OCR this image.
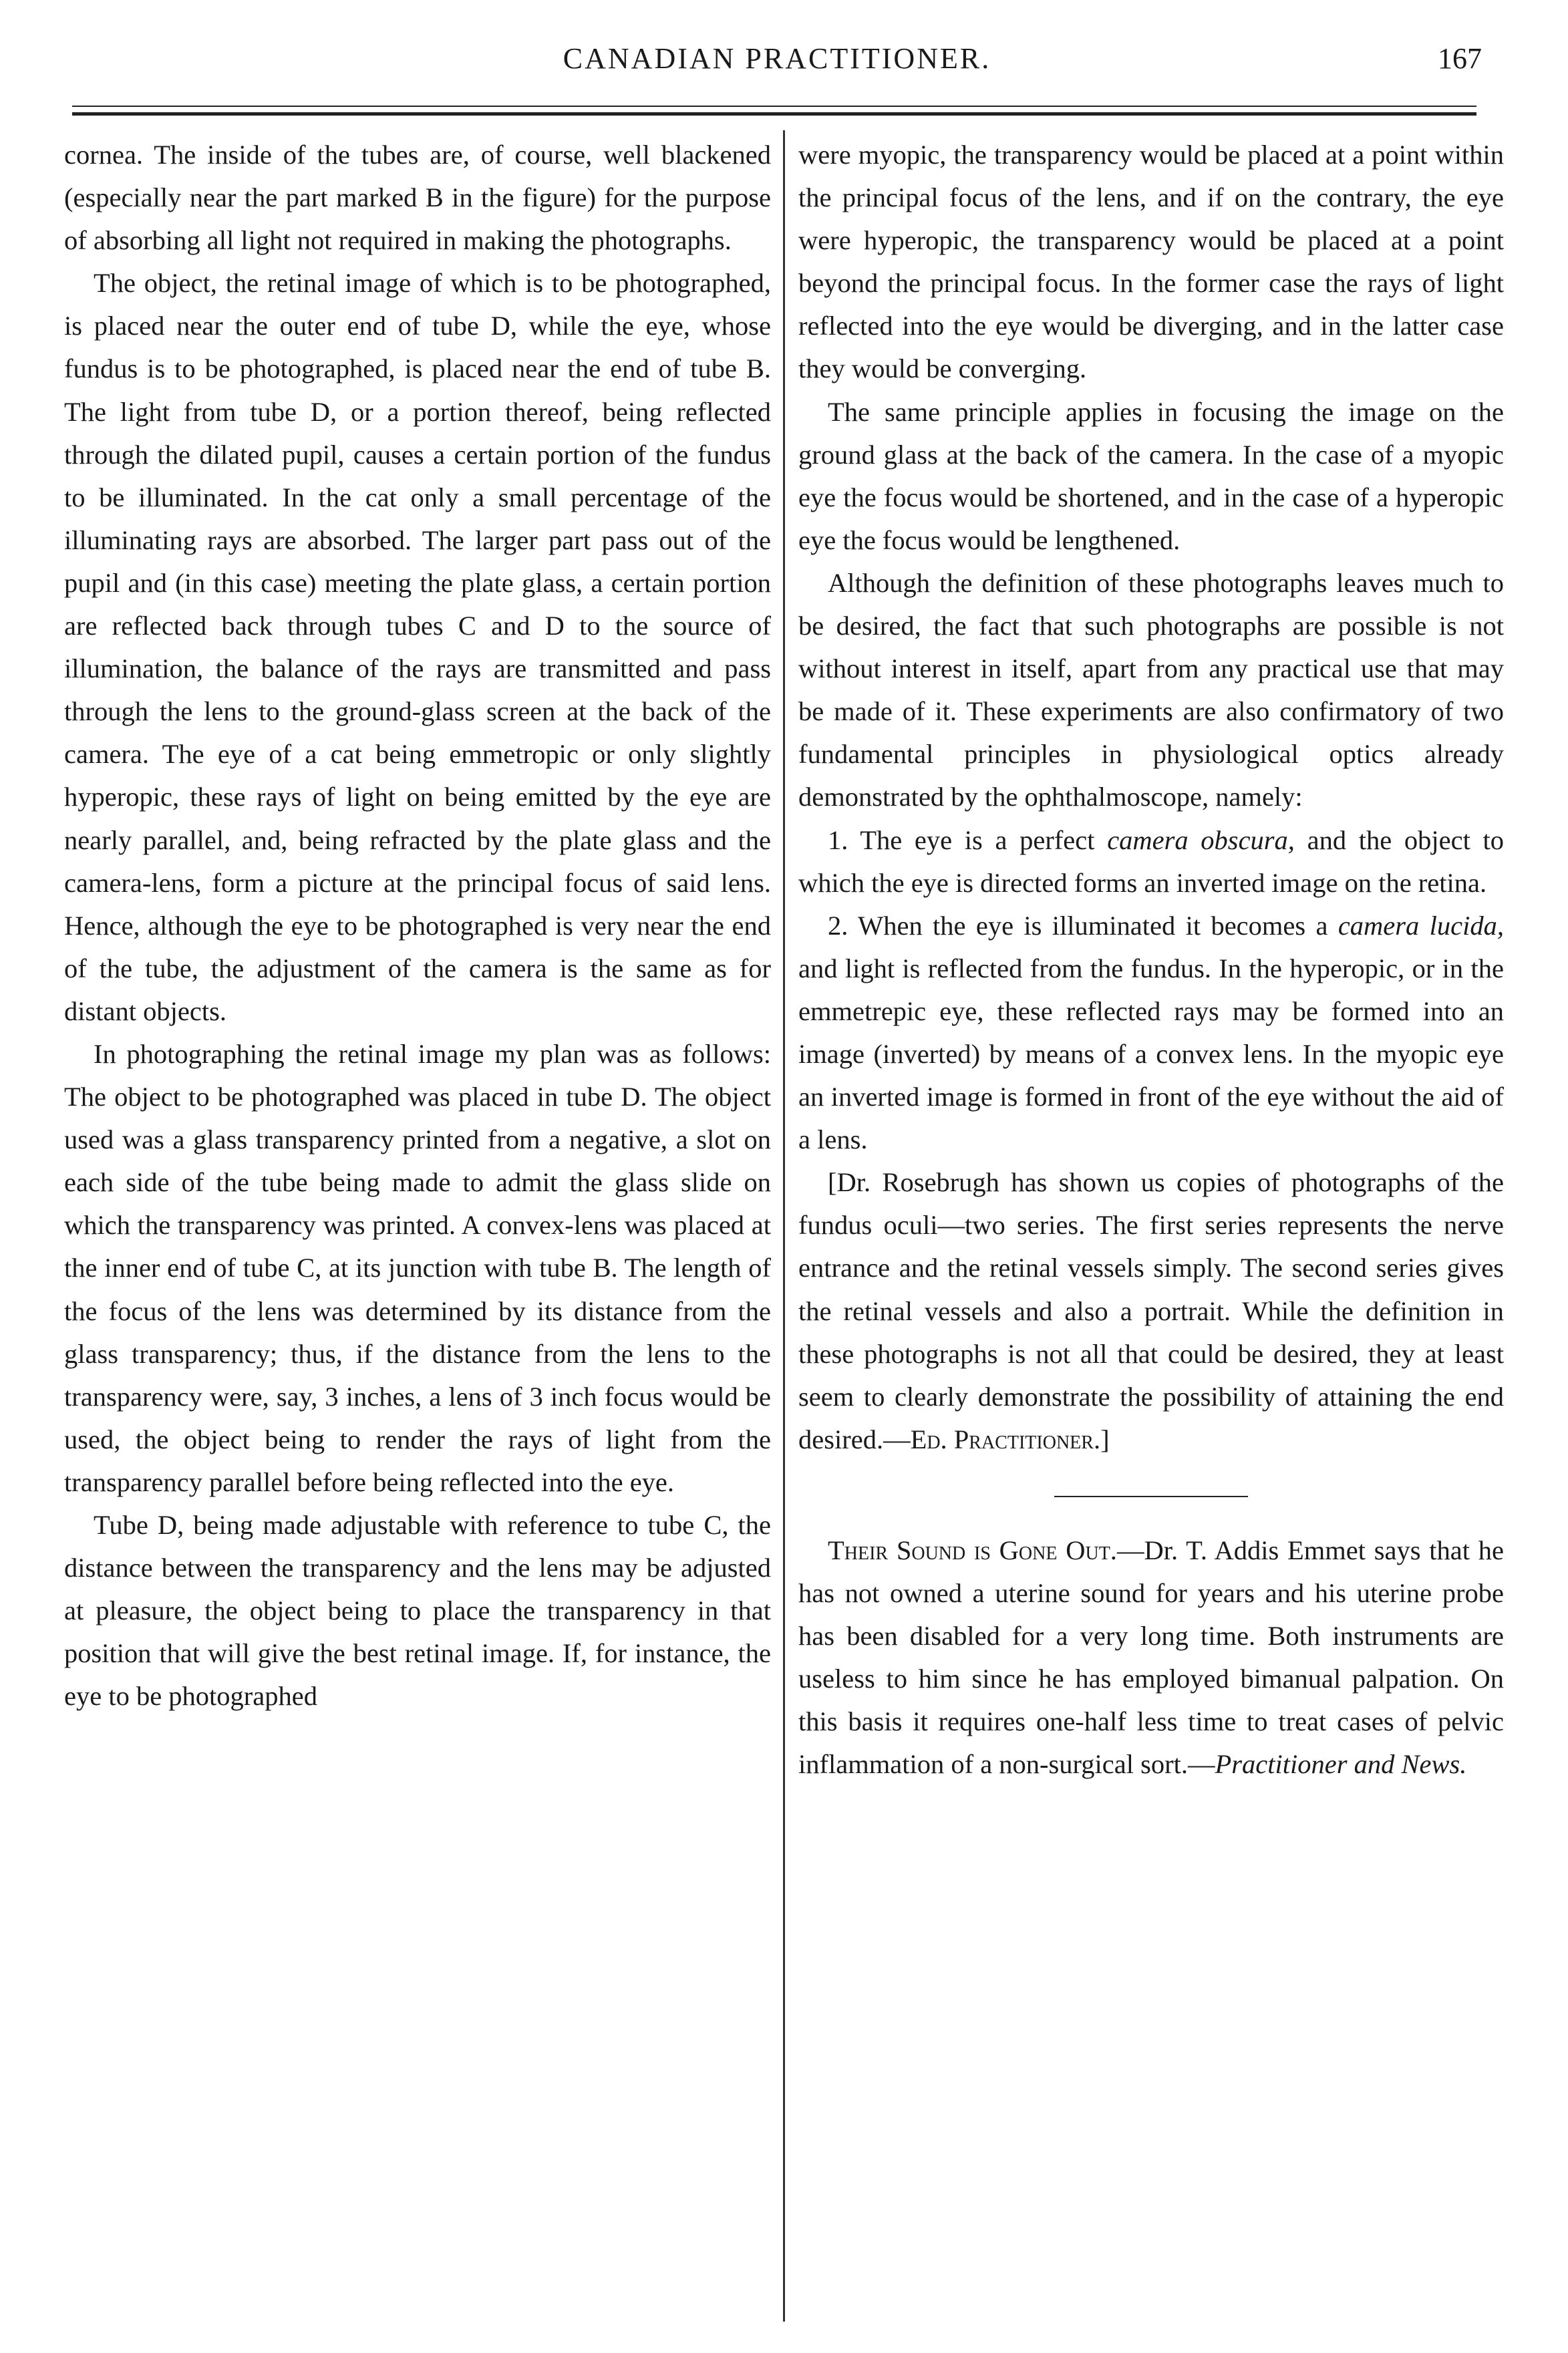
CANADIAN PRACTITIONER.	167

cornea. The inside of the tubes are, of course, well blackened (especially near the part marked B in the figure) for the purpose of absorbing all light not required in making the photographs.

The object, the retinal image of which is to be photographed, is placed near the outer end of tube D, while the eye, whose fundus is to be photographed, is placed near the end of tube B. The light from tube D, or a portion thereof, being reflected through the dilated pupil, causes a certain portion of the fundus to be illuminated. In the cat only a small percentage of the illuminating rays are absorbed. The larger part pass out of the pupil and (in this case) meeting the plate glass, a certain portion are reflected back through tubes C and D to the source of illumination, the balance of the rays are transmitted and pass through the lens to the ground-glass screen at the back of the camera. The eye of a cat being emmetropic or only slightly hyperopic, these rays of light on being emitted by the eye are nearly parallel, and, being refracted by the plate glass and the camera-lens, form a picture at the principal focus of said lens. Hence, although the eye to be photographed is very near the end of the tube, the adjustment of the camera is the same as for distant objects.

In photographing the retinal image my plan was as follows: The object to be photographed was placed in tube D. The object used was a glass transparency printed from a negative, a slot on each side of the tube being made to admit the glass slide on which the transparency was printed. A convex-lens was placed at the inner end of tube C, at its junction with tube B. The length of the focus of the lens was determined by its distance from the glass transparency; thus, if the distance from the lens to the transparency were, say, 3 inches, a lens of 3 inch focus would be used, the object being to render the rays of light from the transparency parallel before being reflected into the eye.

Tube D, being made adjustable with reference to tube C, the distance between the transparency and the lens may be adjusted at pleasure, the object being to place the transparency in that position that will give the best retinal image. If, for instance, the eye to be photographed

were myopic, the transparency would be placed at a point within the principal focus of the lens, and if on the contrary, the eye were hyperopic, the transparency would be placed at a point beyond the principal focus. In the former case the rays of light reflected into the eye would be diverging, and in the latter case they would be converging.

The same principle applies in focusing the image on the ground glass at the back of the camera. In the case of a myopic eye the focus would be shortened, and in the case of a hyperopic eye the focus would be lengthened.

Although the definition of these photographs leaves much to be desired, the fact that such photographs are possible is not without interest in itself, apart from any practical use that may be made of it. These experiments are also confirmatory of two fundamental principles in physiological optics already demonstrated by the ophthalmoscope, namely:

1. The eye is a perfect camera obscura, and the object to which the eye is directed forms an inverted image on the retina.

2. When the eye is illuminated it becomes a camera lucida, and light is reflected from the fundus. In the hyperopic, or in the emmetrepic eye, these reflected rays may be formed into an image (inverted) by means of a convex lens. In the myopic eye an inverted image is formed in front of the eye without the aid of a lens.

[Dr. Rosebrugh has shown us copies of photographs of the fundus oculi—two series. The first series represents the nerve entrance and the retinal vessels simply. The second series gives the retinal vessels and also a portrait. While the definition in these photographs is not all that could be desired, they at least seem to clearly demonstrate the possibility of attaining the end desired.—Ed. Practitioner.]

Their Sound is Gone Out.—Dr. T. Addis Emmet says that he has not owned a uterine sound for years and his uterine probe has been disabled for a very long time. Both instruments are useless to him since he has employed bimanual palpation. On this basis it requires one-half less time to treat cases of pelvic inflammation of a non-surgical sort.—Practitioner and News.
